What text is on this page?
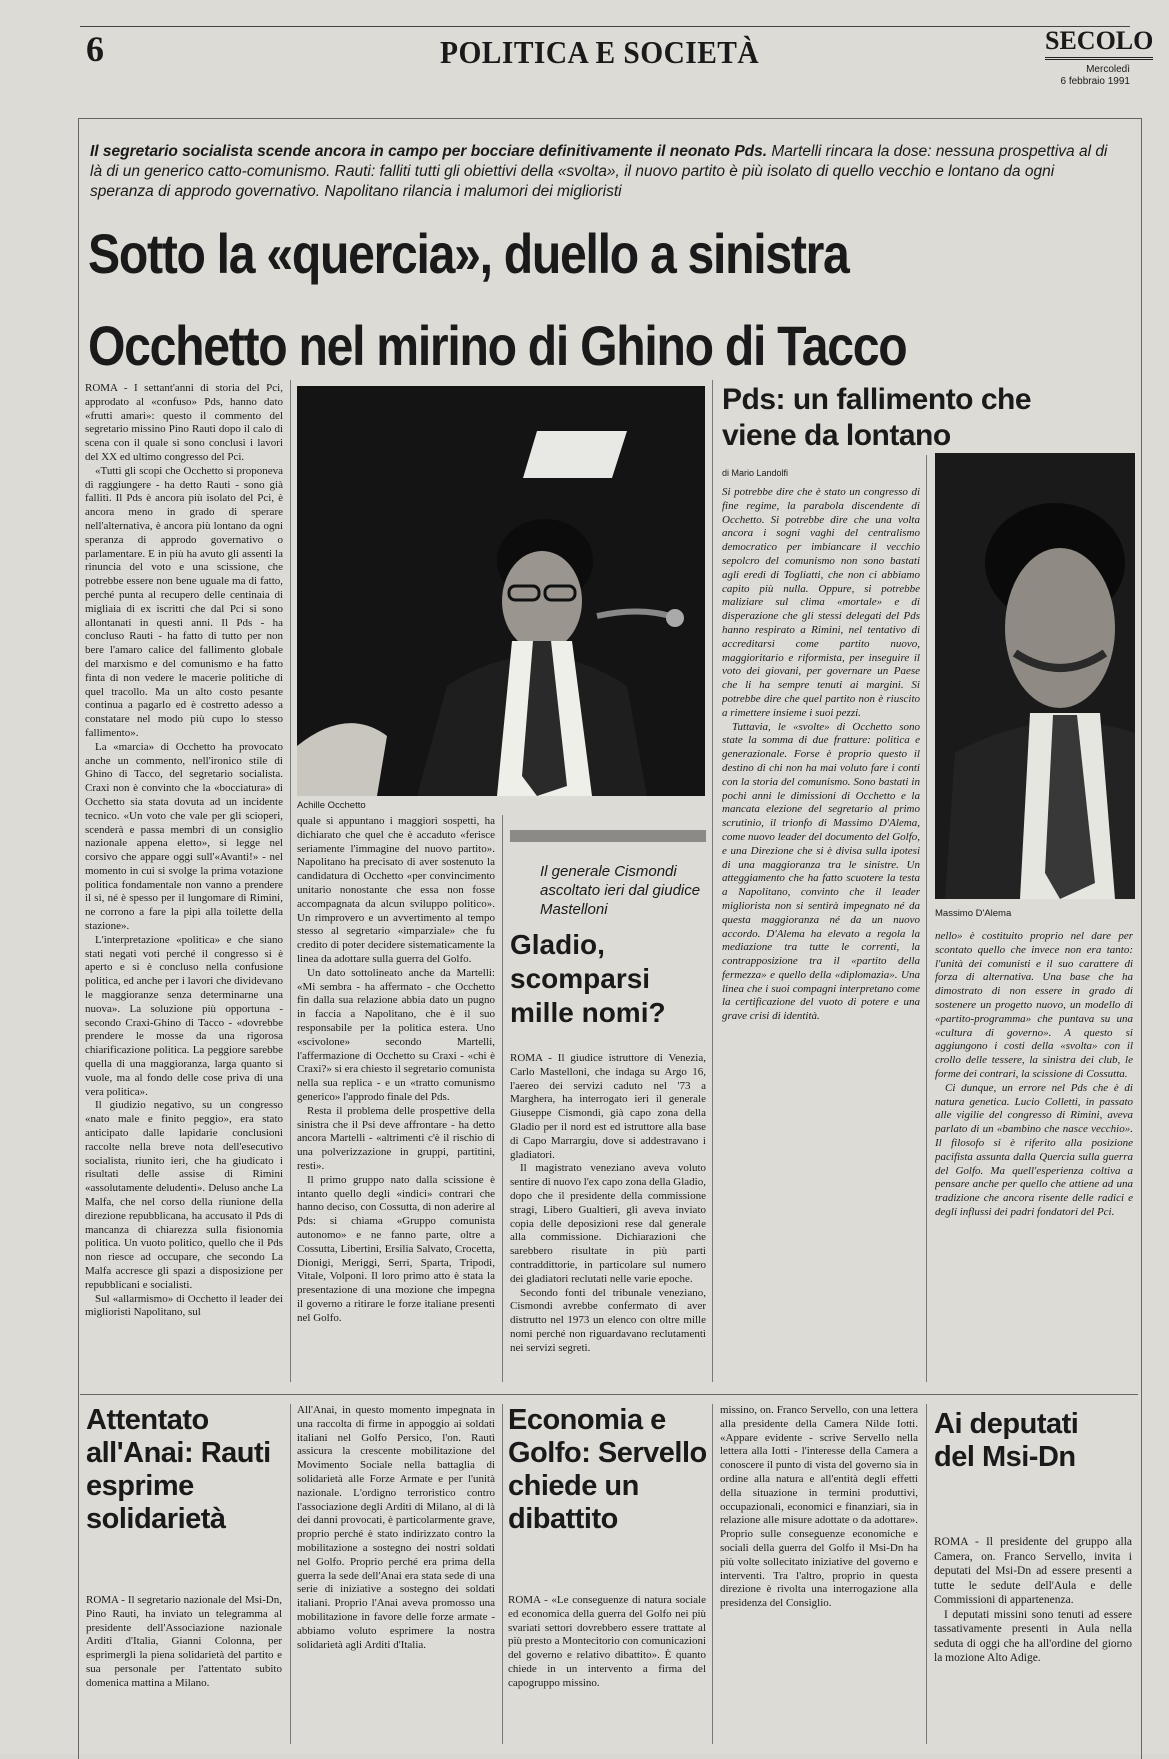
6	POLITICA E SOCIETÀ	SECOLO
Mercoledì
6 febbraio 1991
Il segretario socialista scende ancora in campo per bocciare definitivamente il neonato Pds. Martelli rincara la dose: nessuna prospettiva al di là di un generico catto-comunismo. Rauti: falliti tutti gli obiettivi della «svolta», il nuovo partito è più isolato di quello vecchio e lontano da ogni speranza di approdo governativo. Napolitano rilancia i malumori dei miglioristi
Sotto la «quercia», duello a sinistra
Occhetto nel mirino di Ghino di Tacco

ROMA - I settant'anni di storia del Pci, approdato al «confuso» Pds, hanno dato «frutti amari»: questo il commento del segretario missino Pino Rauti dopo il calo di scena con il quale si sono conclusi i lavori del XX ed ultimo congresso del Pci.

«Tutti gli scopi che Occhetto si proponeva di raggiungere - ha detto Rauti - sono già falliti. Il Pds è ancora più isolato del Pci, è ancora meno in grado di sperare nell'alternativa, è ancora più lontano da ogni speranza di approdo governativo o parlamentare. E in più ha avuto gli assenti la rinuncia del voto e una scissione, che potrebbe essere non bene uguale ma di fatto, perché punta al recupero delle centinaia di migliaia di ex iscritti che dal Pci si sono allontanati in questi anni. Il Pds - ha concluso Rauti - ha fatto di tutto per non bere l'amaro calice del fallimento globale del marxismo e del comunismo e ha fatto finta di non vedere le macerie politiche di quel tracollo. Ma un alto costo pesante continua a pagarlo ed è costretto adesso a constatare nel modo più cupo lo stesso fallimento».

La «marcia» di Occhetto ha provocato anche un commento, nell'ironico stile di Ghino di Tacco, del segretario socialista. Craxi non è convinto che la «bocciatura» di Occhetto sia stata dovuta ad un incidente tecnico. «Un voto che vale per gli scioperi, scenderà e passa membri di un consiglio nazionale appena eletto», si legge nel corsivo che appare oggi sull'«Avanti!» - nel momento in cui si svolge la prima votazione politica fondamentale non vanno a prendere il sì, né è spesso per il lungomare di Rimini, ne corrono a fare la pipì alla toilette della stazione».

L'interpretazione «politica» e che siano stati negati voti perché il congresso si è aperto e si è concluso nella confusione politica, ed anche per i lavori che dividevano le maggioranze senza determinarne una nuova». La soluzione più opportuna - secondo Craxi-Ghino di Tacco - «dovrebbe prendere le mosse da una rigorosa chiarificazione politica. La peggiore sarebbe quella di una maggioranza, larga quanto si vuole, ma al fondo delle cose priva di una vera politica».

Il giudizio negativo, su un congresso «nato male e finito peggio», era stato anticipato dalle lapidarie conclusioni raccolte nella breve nota dell'esecutivo socialista, riunito ieri, che ha giudicato i risultati delle assise di Rimini «assolutamente deludenti». Deluso anche La Malfa, che nel corso della riunione della direzione repubblicana, ha accusato il Pds di mancanza di chiarezza sulla fisionomia politica. Un vuoto politico, quello che il Pds non riesce ad occupare, che secondo La Malfa accresce gli spazi a disposizione per repubblicani e socialisti.

Sul «allarmismo» di Occhetto il leader dei miglioristi Napolitano, sul

Achille Occhetto

quale si appuntano i maggiori sospetti, ha dichiarato che quel che è accaduto «ferisce seriamente l'immagine del nuovo partito». Napolitano ha precisato di aver sostenuto la candidatura di Occhetto «per convincimento unitario nonostante che essa non fosse accompagnata da alcun sviluppo politico». Un rimprovero e un avvertimento al tempo stesso al segretario «imparziale» che fu credito di poter decidere sistematicamente la linea da adottare sulla guerra del Golfo.

Un dato sottolineato anche da Martelli: «Mi sembra - ha affermato - che Occhetto fin dalla sua relazione abbia dato un pugno in faccia a Napolitano, che è il suo responsabile per la politica estera. Uno «scivolone» secondo Martelli, l'affermazione di Occhetto su Craxi - «chi è Craxi?» si era chiesto il segretario comunista nella sua replica - e un «tratto comunismo generico» l'approdo finale del Pds.

Resta il problema delle prospettive della sinistra che il Psi deve affrontare - ha detto ancora Martelli - «altrimenti c'è il rischio di una polverizzazione in gruppi, partitini, resti».

Il primo gruppo nato dalla scissione è intanto quello degli «indici» contrari che hanno deciso, con Cossutta, di non aderire al Pds: si chiama «Gruppo comunista autonomo» e ne fanno parte, oltre a Cossutta, Libertini, Ersilia Salvato, Crocetta, Dionigi, Meriggi, Serri, Sparta, Tripodi, Vitale, Volponi. Il loro primo atto è stata la presentazione di una mozione che impegna il governo a ritirare le forze italiane presenti nel Golfo.

Il generale Cismondi ascoltato ieri dal giudice Mastelloni
Gladio, scomparsi mille nomi?

ROMA - Il giudice istruttore di Venezia, Carlo Mastelloni, che indaga su Argo 16, l'aereo dei servizi caduto nel '73 a Marghera, ha interrogato ieri il generale Giuseppe Cismondi, già capo zona della Gladio per il nord est ed istruttore alla base di Capo Marrargiu, dove si addestravano i gladiatori.

Il magistrato veneziano aveva voluto sentire di nuovo l'ex capo zona della Gladio, dopo che il presidente della commissione stragi, Libero Gualtieri, gli aveva inviato copia delle deposizioni rese dal generale alla commissione. Dichiarazioni che sarebbero risultate in più parti contraddittorie, in particolare sul numero dei gladiatori reclutati nelle varie epoche.

Secondo fonti del tribunale veneziano, Cismondi avrebbe confermato di aver distrutto nel 1973 un elenco con oltre mille nomi perché non riguardavano reclutamenti nei servizi segreti.

Pds: un fallimento che viene da lontano
di Mario Landolfi

Si potrebbe dire che è stato un congresso di fine regime, la parabola discendente di Occhetto. Si potrebbe dire che una volta ancora i sogni vaghi del centralismo democratico per imbiancare il vecchio sepolcro del comunismo non sono bastati agli eredi di Togliatti, che non ci abbiamo capito più nulla. Oppure, si potrebbe maliziare sul clima «mortale» e di disperazione che gli stessi delegati del Pds hanno respirato a Rimini, nel tentativo di accreditarsi come partito nuovo, maggioritario e riformista, per inseguire il voto dei giovani, per governare un Paese che li ha sempre tenuti ai margini. Si potrebbe dire che quel partito non è riuscito a rimettere insieme i suoi pezzi.

Tuttavia, le «svolte» di Occhetto sono state la somma di due fratture: politica e generazionale. Forse è proprio questo il destino di chi non ha mai voluto fare i conti con la storia del comunismo. Sono bastati in pochi anni le dimissioni di Occhetto e la mancata elezione del segretario al primo scrutinio, il trionfo di Massimo D'Alema, come nuovo leader del documento del Golfo, e una Direzione che si è divisa sulla ipotesi di una maggioranza tra le sinistre. Un atteggiamento che ha fatto scuotere la testa a Napolitano, convinto che il leader migliorista non si sentirà impegnato né da questa maggioranza né da un nuovo accordo. D'Alema ha elevato a regola la mediazione tra tutte le correnti, la contrapposizione tra il «partito della fermezza» e quello della «diplomazia». Una linea che i suoi compagni interpretano come la certificazione del vuoto di potere e una grave crisi di identità.

Massimo D'Alema

nello» è costituito proprio nel dare per scontato quello che invece non era tanto: l'unità dei comunisti e il suo carattere di forza di alternativa. Una base che ha dimostrato di non essere in grado di sostenere un progetto nuovo, un modello di «partito-programma» che puntava su una «cultura di governo». A questo si aggiungono i costi della «svolta» con il crollo delle tessere, la sinistra dei club, le forme dei contrari, la scissione di Cossutta.

Ci dunque, un errore nel Pds che è di natura genetica. Lucio Colletti, in passato alle vigilie del congresso di Rimini, aveva parlato di un «bambino che nasce vecchio». Il filosofo si è riferito alla posizione pacifista assunta dalla Quercia sulla guerra del Golfo. Ma quell'esperienza coltiva a pensare anche per quello che attiene ad una tradizione che ancora risente delle radici e degli influssi dei padri fondatori del Pci.

Attentato all'Anai: Rauti esprime solidarietà

ROMA - Il segretario nazionale del Msi-Dn, Pino Rauti, ha inviato un telegramma al presidente dell'Associazione nazionale Arditi d'Italia, Gianni Colonna, per esprimergli la piena solidarietà del partito e sua personale per l'attentato subito domenica mattina a Milano.

All'Anai, in questo momento impegnata in una raccolta di firme in appoggio ai soldati italiani nel Golfo Persico, l'on. Rauti assicura la crescente mobilitazione del Movimento Sociale nella battaglia di solidarietà alle Forze Armate e per l'unità nazionale. L'ordigno terroristico contro l'associazione degli Arditi di Milano, al di là dei danni provocati, è particolarmente grave, proprio perché è stato indirizzato contro la mobilitazione a sostegno dei nostri soldati nel Golfo. Proprio perché era prima della guerra la sede dell'Anai era stata sede di una serie di iniziative a sostegno dei soldati italiani. Proprio l'Anai aveva promosso una mobilitazione in favore delle forze armate - abbiamo voluto esprimere la nostra solidarietà agli Arditi d'Italia.

Economia e Golfo: Servello chiede un dibattito

ROMA - «Le conseguenze di natura sociale ed economica della guerra del Golfo nei più svariati settori dovrebbero essere trattate al più presto a Montecitorio con comunicazioni del governo e relativo dibattito». È quanto chiede in un intervento a firma del capogruppo missino.

missino, on. Franco Servello, con una lettera alla presidente della Camera Nilde Iotti. «Appare evidente - scrive Servello nella lettera alla Iotti - l'interesse della Camera a conoscere il punto di vista del governo sia in ordine alla natura e all'entità degli effetti della situazione in termini produttivi, occupazionali, economici e finanziari, sia in relazione alle misure adottate o da adottare». Proprio sulle conseguenze economiche e sociali della guerra del Golfo il Msi-Dn ha più volte sollecitato iniziative del governo e interventi. Tra l'altro, proprio in questa direzione è rivolta una interrogazione alla presidenza del Consiglio.

Ai deputati del Msi-Dn

ROMA - Il presidente del gruppo alla Camera, on. Franco Servello, invita i deputati del Msi-Dn ad essere presenti a tutte le sedute dell'Aula e delle Commissioni di appartenenza.

I deputati missini sono tenuti ad essere tassativamente presenti in Aula nella seduta di oggi che ha all'ordine del giorno la mozione Alto Adige.
